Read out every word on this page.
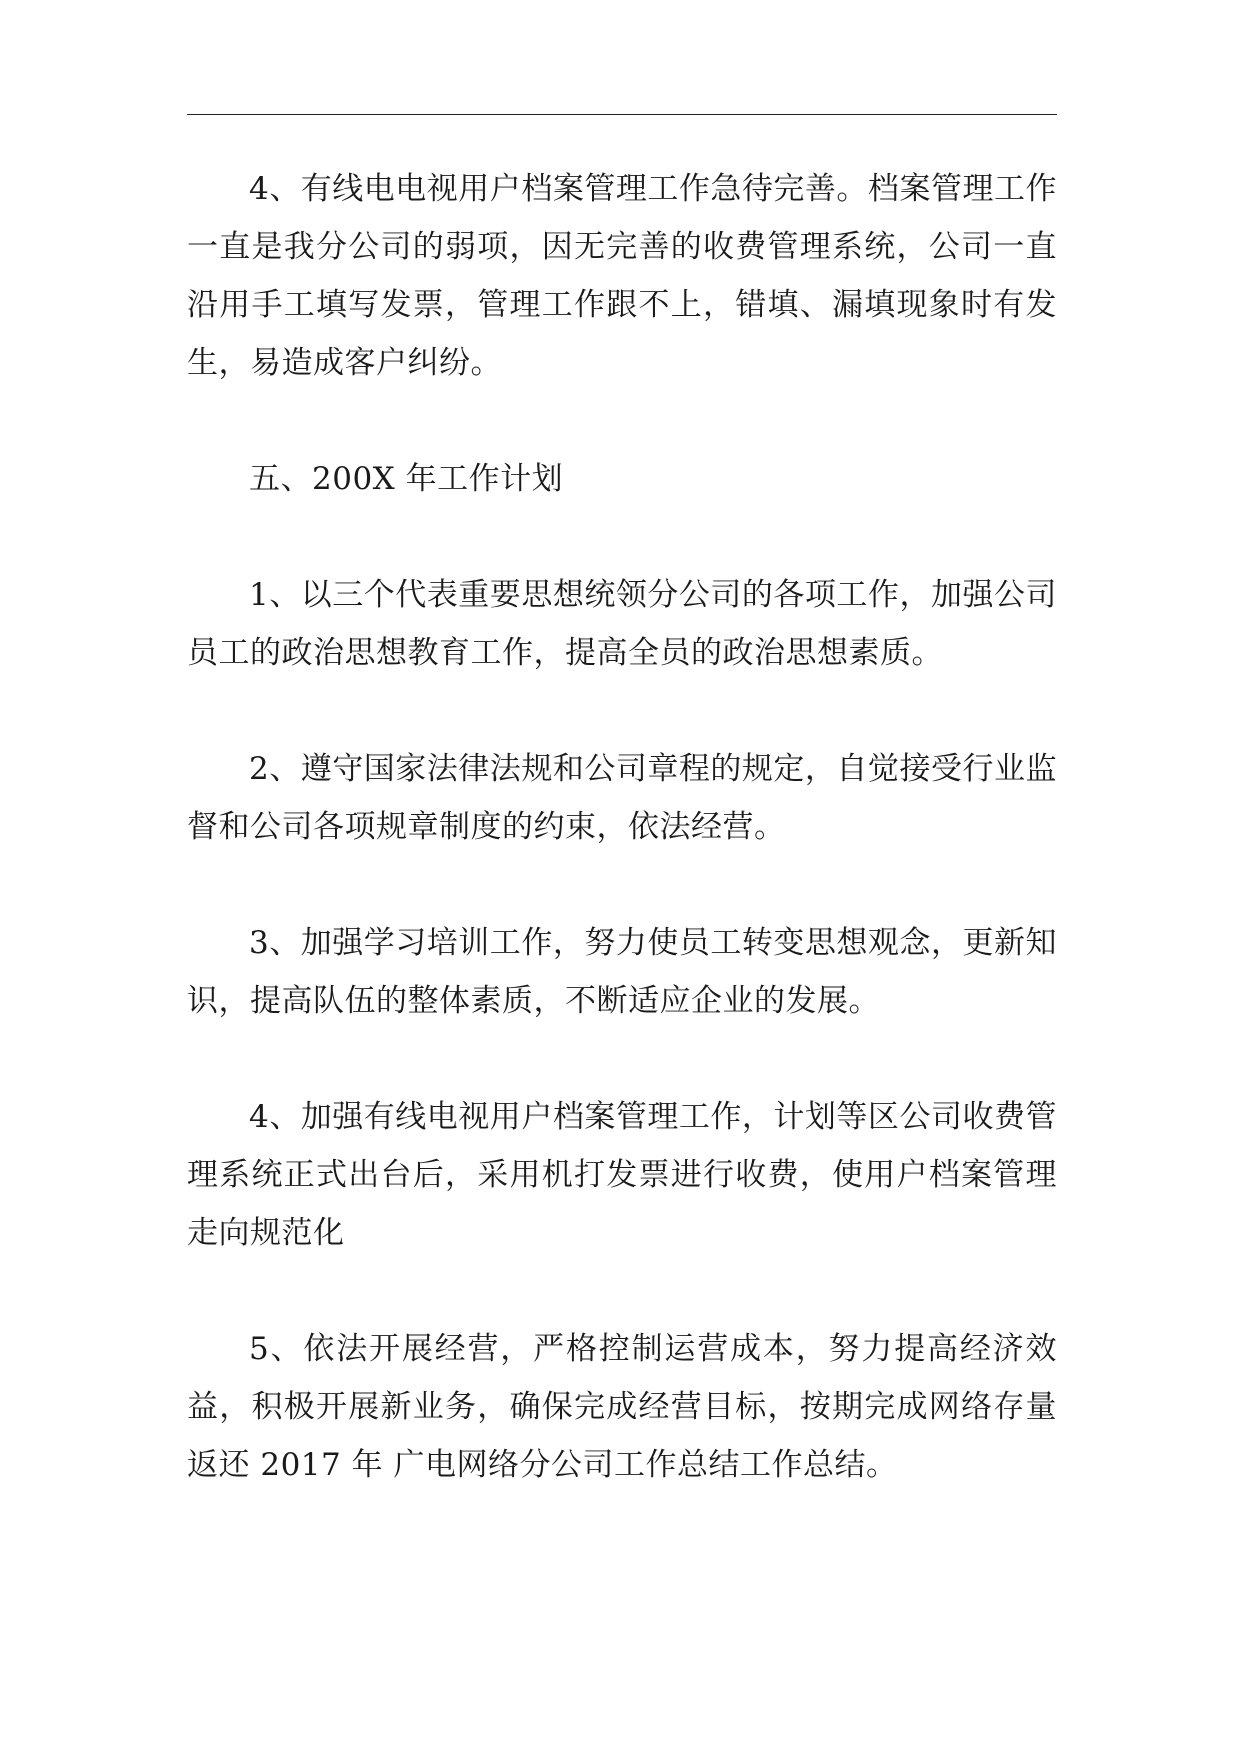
4、有线电电视用户档案管理工作急待完善。档案管理工作一直是我分公司的弱项，因无完善的收费管理系统，公司一直沿用手工填写发票，管理工作跟不上，错填、漏填现象时有发生，易造成客户纠纷。

五、200X 年工作计划

1、以三个代表重要思想统领分公司的各项工作，加强公司员工的政治思想教育工作，提高全员的政治思想素质。

2、遵守国家法律法规和公司章程的规定，自觉接受行业监督和公司各项规章制度的约束，依法经营。

3、加强学习培训工作，努力使员工转变思想观念，更新知识，提高队伍的整体素质，不断适应企业的发展。

4、加强有线电视用户档案管理工作，计划等区公司收费管理系统正式出台后，采用机打发票进行收费，使用户档案管理走向规范化

5、依法开展经营，严格控制运营成本，努力提高经济效益，积极开展新业务，确保完成经营目标，按期完成网络存量返还 2017 年 广电网络分公司工作总结工作总结。
